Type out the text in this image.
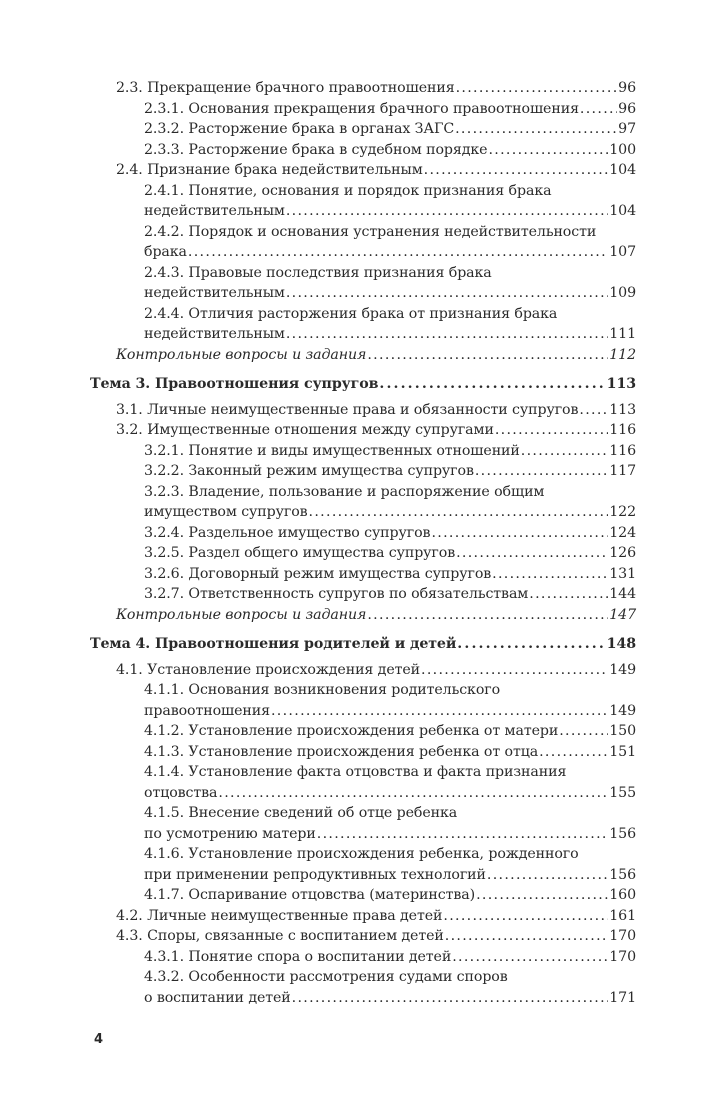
2.3. Прекращение брачного правоотношения . . .	96
2.3.1. Основания прекращения брачного правоотношения . . .	96
2.3.2. Расторжение брака в органах ЗАГС . . .	97
2.3.3. Расторжение брака в судебном порядке . . .	100
2.4. Признание брака недействительным . . .	104
2.4.1. Понятие, основания и порядок признания брака
недействительным . . .	104
2.4.2. Порядок и основания устранения недействительности
брака . . .	107
2.4.3. Правовые последствия признания брака
недействительным . . .	109
2.4.4. Отличия расторжения брака от признания брака
недействительным . . .	111
Контрольные вопросы и задания . . .	112
Тема 3. Правоотношения супругов . . .	113
3.1. Личные неимущественные права и обязанности супругов . . . 113
3.2. Имущественные отношения между супругами . . .	116
3.2.1. Понятие и виды имущественных отношений . . .	116
3.2.2. Законный режим имущества супругов . . .	117
3.2.3. Владение, пользование и распоряжение общим
имуществом супругов . . .	122
3.2.4. Раздельное имущество супругов . . .	124
3.2.5. Раздел общего имущества супругов . . .	126
3.2.6. Договорный режим имущества супругов . . .	131
3.2.7. Ответственность супругов по обязательствам . . .	144
Контрольные вопросы и задания . . .	147
Тема 4. Правоотношения родителей и детей . . .	148
4.1. Установление происхождения детей . . .	149
4.1.1. Основания возникновения родительского
правоотношения . . .	149
4.1.2. Установление происхождения ребенка от матери . . .	150
4.1.3. Установление происхождения ребенка от отца . . .	151
4.1.4. Установление факта отцовства и факта признания
отцовства . . .	155
4.1.5. Внесение сведений об отце ребенка
по усмотрению матери . . .	156
4.1.6. Установление происхождения ребенка, рожденного
при применении репродуктивных технологий . . .	156
4.1.7. Оспаривание отцовства (материнства) . . .	160
4.2. Личные неимущественные права детей . . .	161
4.3. Споры, связанные с воспитанием детей . . .	170
4.3.1. Понятие спора о воспитании детей . . .	170
4.3.2. Особенности рассмотрения судами споров
о воспитании детей . . .	171
4
